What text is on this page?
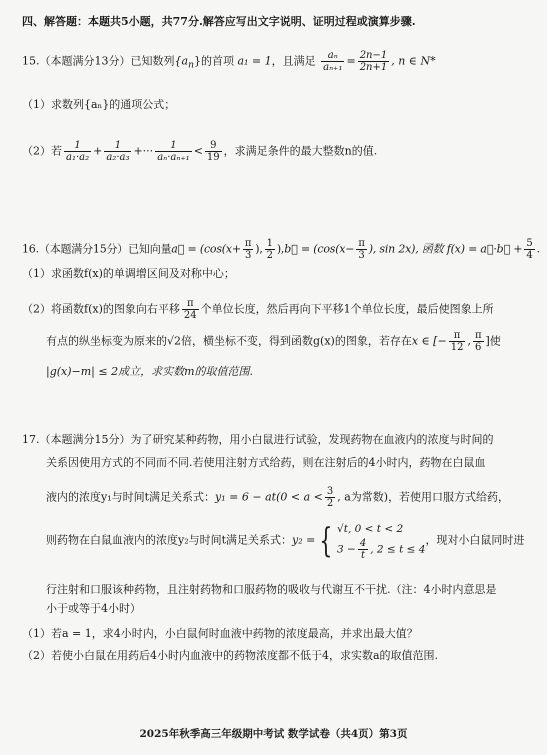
四、解答题：本题共5小题，共77分.解答应写出文字说明、证明过程或演算步骤.
15.（本题满分13分）已知数列$\{a_n\}$的首项 a₁ = 1，且满足 $\frac{\text{aₙ}}{\text{aₙ₊₁}} = \frac{2n-1}{2n+1}$ , n ∈ N*
（1）求数列{aₙ}的通项公式；
（2）若 $\frac{1}{\text{a₁·a₂}} + \frac{1}{\text{a₂·a₃}}$ +··· $\frac{1}{\text{aₙ·aₙ₊₁}} < \frac{9}{19}$ ，求满足条件的最大整数n的值.
16.（本题满分15分）已知向量a⃗ = ($\cos(x+ \frac{\pi}{3}$ ), $\frac{1}{2}$ ),b⃗ = ($\cos(x- \frac{\pi}{3}$ ), sin 2x), 函数 f(x) = a⃗·b⃗ + $\frac{5}{4}$ .
（1）求函数f(x)的单调增区间及对称中心；
（2）将函数f(x)的图象向右平移 $\frac{\pi}{24}$ 个单位长度，然后再向下平移1个单位长度，最后使图象上所
有点的纵坐标变为原来的√2倍，横坐标不变，得到函数g(x)的图象，若存在x ∈ [− $\frac{\pi}{12}$ , $\frac{\pi}{6}$ ]使
|g(x)−m| ≤ 2成立，求实数m的取值范围.
17.（本题满分15分）为了研究某种药物，用小白鼠进行试验，发现药物在血液内的浓度与时间的
关系因使用方式的不同而不同.若使用注射方式给药，则在注射后的4小时内，药物在白鼠血
液内的浓度y₁与时间t满足关系式：$y_1 = 6 - at(0 < a < \frac{3}{2}$ , a为常数)，若使用口服方式给药，
则药物在白鼠血液内的浓度y₂与时间t满足关系式：y₂ = { √t, 0 < t < 2
$3 - \frac{4}{t}$ , 2 ≤ t ≤ 4
，现对小白鼠同时进
行注射和口服该种药物，且注射药物和口服药物的吸收与代谢互不干扰.（注：4小时内意思是
小于或等于4小时）
（1）若a = 1，求4小时内，小白鼠何时血液中药物的浓度最高，并求出最大值？
（2）若使小白鼠在用药后4小时内血液中的药物浓度都不低于4，求实数a的取值范围.
2025年秋季高三年级期中考试 数学试卷（共4页）第3页
